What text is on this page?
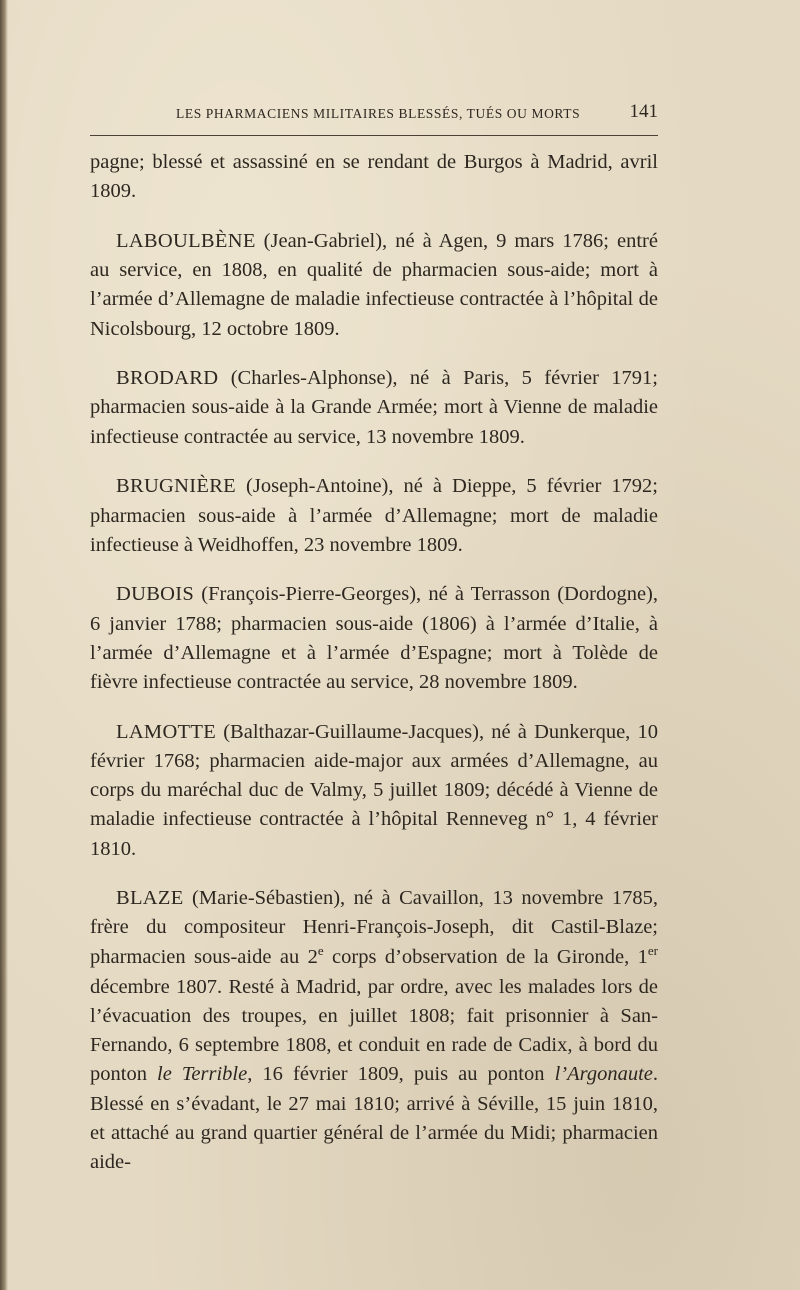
LES PHARMACIENS MILITAIRES BLESSÉS, TUÉS OU MORTS	141

pagne; blessé et assassiné en se rendant de Burgos à Madrid, avril 1809.

LABOULBÈNE (Jean-Gabriel), né à Agen, 9 mars 1786; entré au service, en 1808, en qualité de pharmacien sous-aide; mort à l’armée d’Allemagne de maladie infectieuse contractée à l’hôpital de Nicolsbourg, 12 octobre 1809.

BRODARD (Charles-Alphonse), né à Paris, 5 février 1791; pharmacien sous-aide à la Grande Armée; mort à Vienne de maladie infectieuse contractée au service, 13 novembre 1809.

BRUGNIÈRE (Joseph-Antoine), né à Dieppe, 5 février 1792; pharmacien sous-aide à l’armée d’Allemagne; mort de maladie infectieuse à Weidhoffen, 23 novembre 1809.

DUBOIS (François-Pierre-Georges), né à Terrasson (Dordogne), 6 janvier 1788; pharmacien sous-aide (1806) à l’armée d’Italie, à l’armée d’Allemagne et à l’armée d’Espagne; mort à Tolède de fièvre infectieuse contractée au service, 28 novembre 1809.

LAMOTTE (Balthazar-Guillaume-Jacques), né à Dunkerque, 10 février 1768; pharmacien aide-major aux armées d’Allemagne, au corps du maréchal duc de Valmy, 5 juillet 1809; décédé à Vienne de maladie infectieuse contractée à l’hôpital Renneveg n° 1, 4 février 1810.

BLAZE (Marie-Sébastien), né à Cavaillon, 13 novembre 1785, frère du compositeur Henri-François-Joseph, dit Castil-Blaze; pharmacien sous-aide au 2e corps d’observation de la Gironde, 1er décembre 1807. Resté à Madrid, par ordre, avec les malades lors de l’évacuation des troupes, en juillet 1808; fait prisonnier à San-Fernando, 6 septembre 1808, et conduit en rade de Cadix, à bord du ponton le Terrible, 16 février 1809, puis au ponton l’Argonaute. Blessé en s’évadant, le 27 mai 1810; arrivé à Séville, 15 juin 1810, et attaché au grand quartier général de l’armée du Midi; pharmacien aide-
